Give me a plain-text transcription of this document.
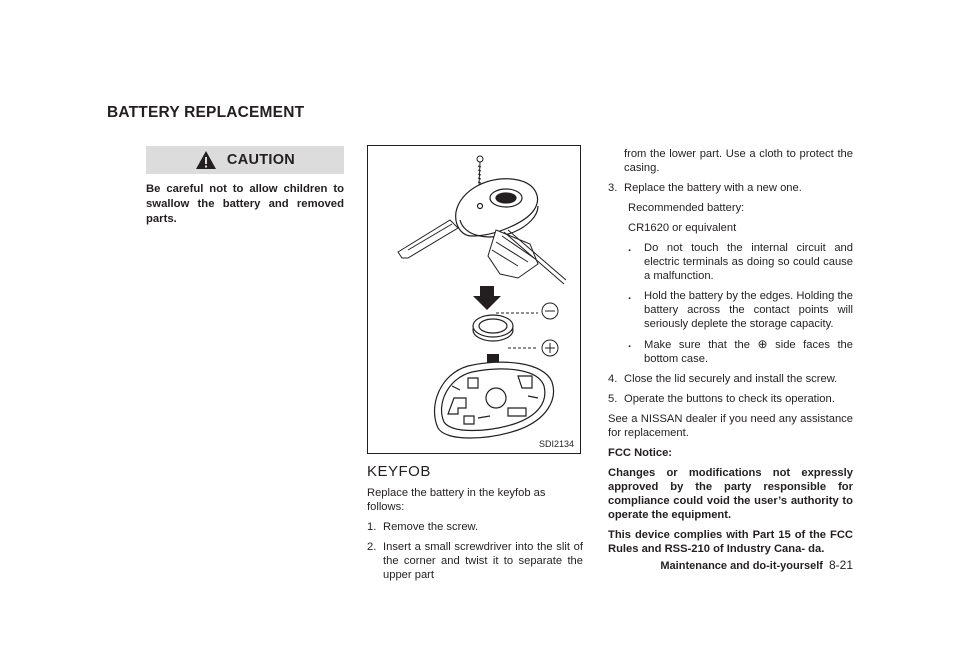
BATTERY REPLACEMENT
CAUTION

Be careful not to allow children to swallow the battery and removed parts.

SDI2134
KEYFOB

Replace the battery in the keyfob as follows:

1. Remove the screw.
2. Insert a small screwdriver into the slit of the corner and twist it to separate the upper part

from the lower part. Use a cloth to protect the casing.

3. Replace the battery with a new one.

Recommended battery:

CR1620 or equivalent

.	Do not touch the internal circuit and electric terminals as doing so could cause a malfunction.
.	Hold the battery by the edges. Holding the battery across the contact points will seriously deplete the storage capacity.
.	Make sure that the ⊕ side faces the bottom case.
4. Close the lid securely and install the screw.
5. Operate the buttons to check its operation.

See a NISSAN dealer if you need any assistance for replacement.

FCC Notice:

Changes or modifications not expressly approved by the party responsible for compliance could void the user’s authority to operate the equipment.

This device complies with Part 15 of the FCC Rules and RSS-210 of Industry Cana- da.

Maintenance and do-it-yourself 8-21
